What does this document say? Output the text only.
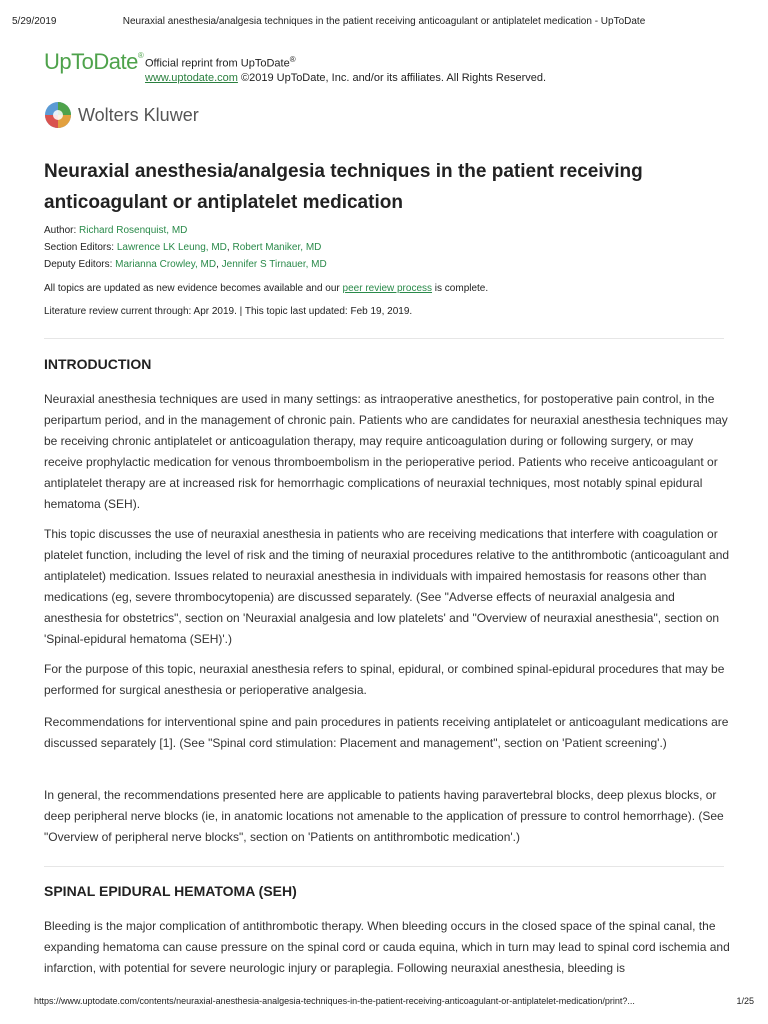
5/29/2019	Neuraxial anesthesia/analgesia techniques in the patient receiving anticoagulant or antiplatelet medication - UpToDate
UpToDate®
Official reprint from UpToDate®
www.uptodate.com ©2019 UpToDate, Inc. and/or its affiliates. All Rights Reserved.
Wolters Kluwer
Neuraxial anesthesia/analgesia techniques in the patient receiving anticoagulant or antiplatelet medication
Author: Richard Rosenquist, MD
Section Editors: Lawrence LK Leung, MD, Robert Maniker, MD
Deputy Editors: Marianna Crowley, MD, Jennifer S Tirnauer, MD
All topics are updated as new evidence becomes available and our peer review process is complete.
Literature review current through: Apr 2019. | This topic last updated: Feb 19, 2019.
INTRODUCTION

Neuraxial anesthesia techniques are used in many settings: as intraoperative anesthetics, for postoperative pain control, in the peripartum period, and in the management of chronic pain. Patients who are candidates for neuraxial anesthesia techniques may be receiving chronic antiplatelet or anticoagulation therapy, may require anticoagulation during or following surgery, or may receive prophylactic medication for venous thromboembolism in the perioperative period. Patients who receive anticoagulant or antiplatelet therapy are at increased risk for hemorrhagic complications of neuraxial techniques, most notably spinal epidural hematoma (SEH).

This topic discusses the use of neuraxial anesthesia in patients who are receiving medications that interfere with coagulation or platelet function, including the level of risk and the timing of neuraxial procedures relative to the antithrombotic (anticoagulant and antiplatelet) medication. Issues related to neuraxial anesthesia in individuals with impaired hemostasis for reasons other than medications (eg, severe thrombocytopenia) are discussed separately. (See "Adverse effects of neuraxial analgesia and anesthesia for obstetrics", section on 'Neuraxial analgesia and low platelets' and "Overview of neuraxial anesthesia", section on 'Spinal-epidural hematoma (SEH)'.)

For the purpose of this topic, neuraxial anesthesia refers to spinal, epidural, or combined spinal-epidural procedures that may be performed for surgical anesthesia or perioperative analgesia.

Recommendations for interventional spine and pain procedures in patients receiving antiplatelet or anticoagulant medications are discussed separately [1]. (See "Spinal cord stimulation: Placement and management", section on 'Patient screening'.)

In general, the recommendations presented here are applicable to patients having paravertebral blocks, deep plexus blocks, or deep peripheral nerve blocks (ie, in anatomic locations not amenable to the application of pressure to control hemorrhage). (See "Overview of peripheral nerve blocks", section on 'Patients on antithrombotic medication'.)

SPINAL EPIDURAL HEMATOMA (SEH)

Bleeding is the major complication of antithrombotic therapy. When bleeding occurs in the closed space of the spinal canal, the expanding hematoma can cause pressure on the spinal cord or cauda equina, which in turn may lead to spinal cord ischemia and infarction, with potential for severe neurologic injury or paraplegia. Following neuraxial anesthesia, bleeding is

https://www.uptodate.com/contents/neuraxial-anesthesia-analgesia-techniques-in-the-patient-receiving-anticoagulant-or-antiplatelet-medication/print?...	1/25
